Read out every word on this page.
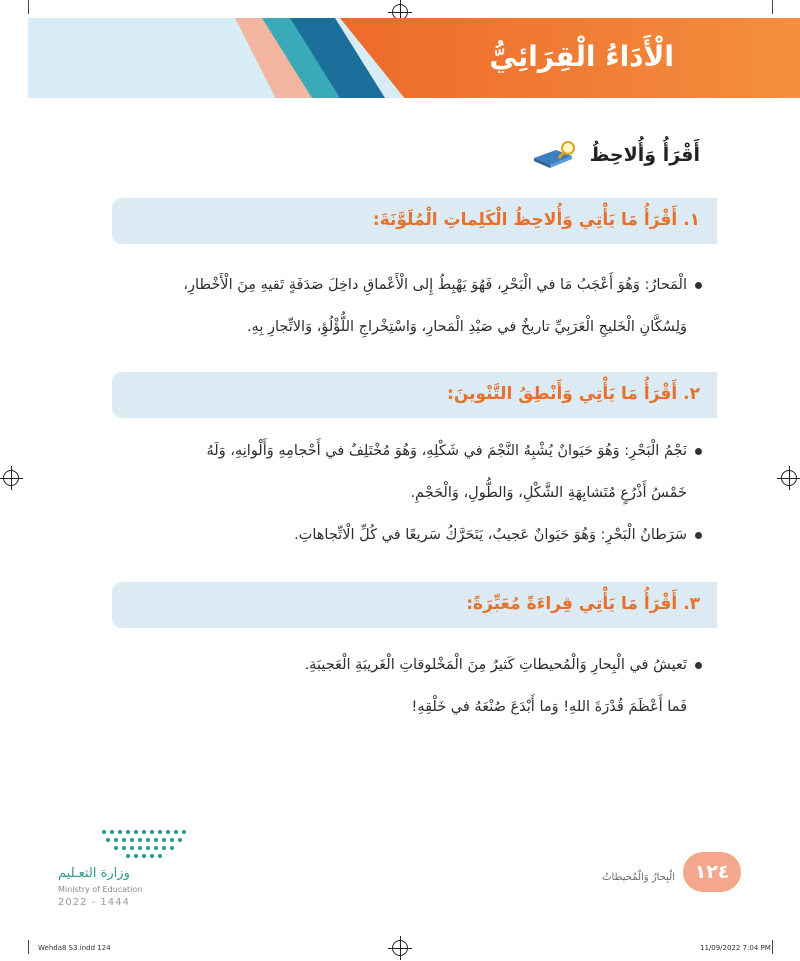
الْأَدَاءُ الْقِرَائِيُّ
أَقْرَأُ وَأُلاحِظُ
١. أَقْرَأُ مَا يَأْتِي وَأُلاحِظُ الْكَلِماتِ الْمُلَوَّنَةَ:

الْمَحارُ: وَهُوَ أَعْجَبُ مَا في الْبَحْرِ، فَهُوَ يَهْبِطُ إِلى الْأَعْماقِ داخِلَ صَدَفَةٍ تَقيهِ مِنَ الْأَخْطارِ،

وَلِسُكَّانِ الْخَليجِ الْعَرَبِيِّ تاريخٌ في صَيْدِ الْمَحارِ، وَاسْتِخْراجِ اللُّؤْلُؤِ، وَالاتِّجارِ بِهِ.

٢. أَقْرَأُ مَا يَأْتِي وَأَنْطِقُ التَّنْوينَ:

نَجْمُ الْبَحْرِ: وَهُوَ حَيَوانٌ يُشْبِهُ النَّجْمَ في شَكْلِهِ، وَهُوَ مُخْتَلِفٌ في أَحْجامِهِ وَأَلْوانِهِ، وَلَهُ

خَمْسُ أَذْرُعٍ مُتَشابِهَةِ الشَّكْلِ، وَالطُّولِ، وَالْحَجْمِ.

سَرَطانُ الْبَحْرِ: وَهُوَ حَيَوانٌ عَجيبٌ، يَتَحَرَّكُ سَريعًا في كُلِّ الْاتِّجاهاتِ.

٣. أَقْرَأُ مَا يَأْتِي قِراءَةً مُعَبِّرَةً:

تَعيشُ في الْبِحارِ وَالْمُحيطاتِ كَثيرٌ مِنَ الْمَخْلوقاتِ الْغَريبَةِ الْعَجيبَةِ.

فَما أَعْظَمَ قُدْرَةَ اللهِ! وَما أَبْدَعَ صُنْعَهُ في خَلْقِهِ!

وزارة التعـليم
Ministry of Education
2022 - 1444
الْبِحارُ وَالْمُحيطاتُ	١٢٤
Wehda8 S3.indd 124	11/09/2022 7:04 PM
